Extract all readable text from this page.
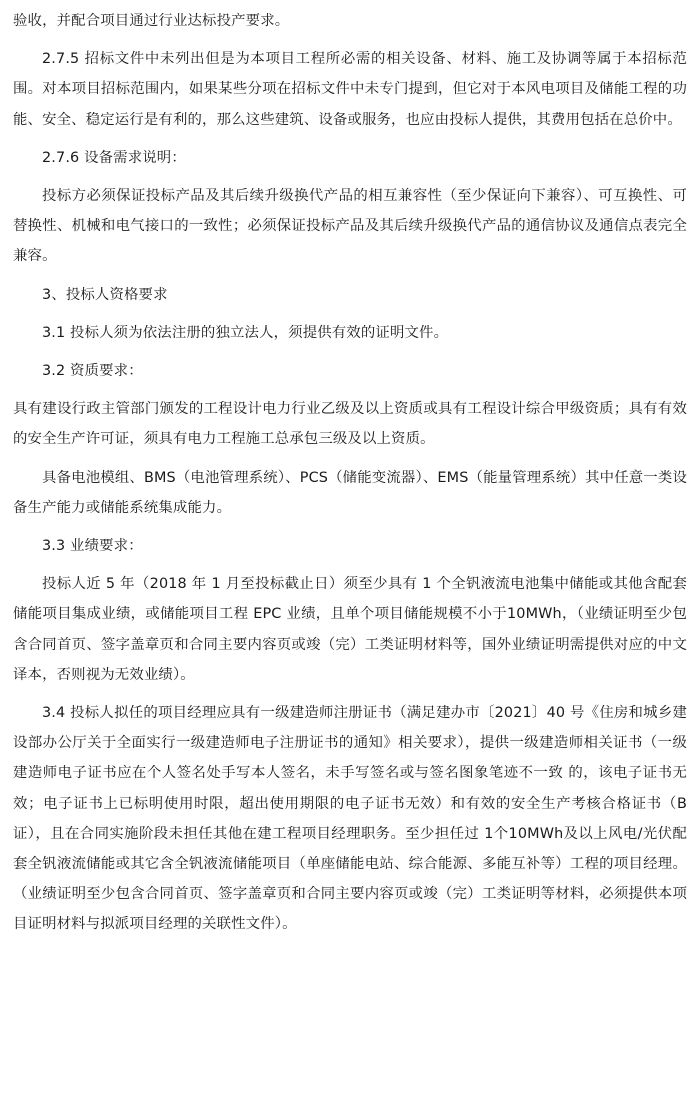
验收，并配合项目通过行业达标投产要求。

2.7.5 招标文件中未列出但是为本项目工程所必需的相关设备、材料、施工及协调等属于本招标范围。对本项目招标范围内，如果某些分项在招标文件中未专门提到，但它对于本风电项目及储能工程的功能、安全、稳定运行是有利的，那么这些建筑、设备或服务，也应由投标人提供，其费用包括在总价中。

2.7.6 设备需求说明：

投标方必须保证投标产品及其后续升级换代产品的相互兼容性（至少保证向下兼容）、可互换性、可替换性、机械和电气接口的一致性；必须保证投标产品及其后续升级换代产品的通信协议及通信点表完全兼容。

3、投标人资格要求

3.1 投标人须为依法注册的独立法人，须提供有效的证明文件。

3.2 资质要求：

具有建设行政主管部门颁发的工程设计电力行业乙级及以上资质或具有工程设计综合甲级资质；具有有效的安全生产许可证，须具有电力工程施工总承包三级及以上资质。

具备电池模组、BMS（电池管理系统）、PCS（储能变流器）、EMS（能量管理系统）其中任意一类设备生产能力或储能系统集成能力。

3.3 业绩要求：

投标人近 5 年（2018 年 1 月至投标截止日）须至少具有 1 个全钒液流电池集中储能或其他含配套储能项目集成业绩，或储能项目工程 EPC 业绩，且单个项目储能规模不小于10MWh，（业绩证明至少包含合同首页、签字盖章页和合同主要内容页或竣（完）工类证明材料等，国外业绩证明需提供对应的中文译本，否则视为无效业绩）。

3.4 投标人拟任的项目经理应具有一级建造师注册证书（满足建办市〔2021〕40 号《住房和城乡建设部办公厅关于全面实行一级建造师电子注册证书的通知》相关要求），提供一级建造师相关证书（一级建造师电子证书应在个人签名处手写本人签名，未手写签名或与签名图象笔迹不一致 的，该电子证书无效；电子证书上已标明使用时限，超出使用期限的电子证书无效）和有效的安全生产考核合格证书（B证），且在合同实施阶段未担任其他在建工程项目经理职务。至少担任过 1个10MWh及以上风电/光伏配套全钒液流储能或其它含全钒液流储能项目（单座储能电站、综合能源、多能互补等）工程的项目经理。（业绩证明至少包含合同首页、签字盖章页和合同主要内容页或竣（完）工类证明等材料，必须提供本项目证明材料与拟派项目经理的关联性文件）。
